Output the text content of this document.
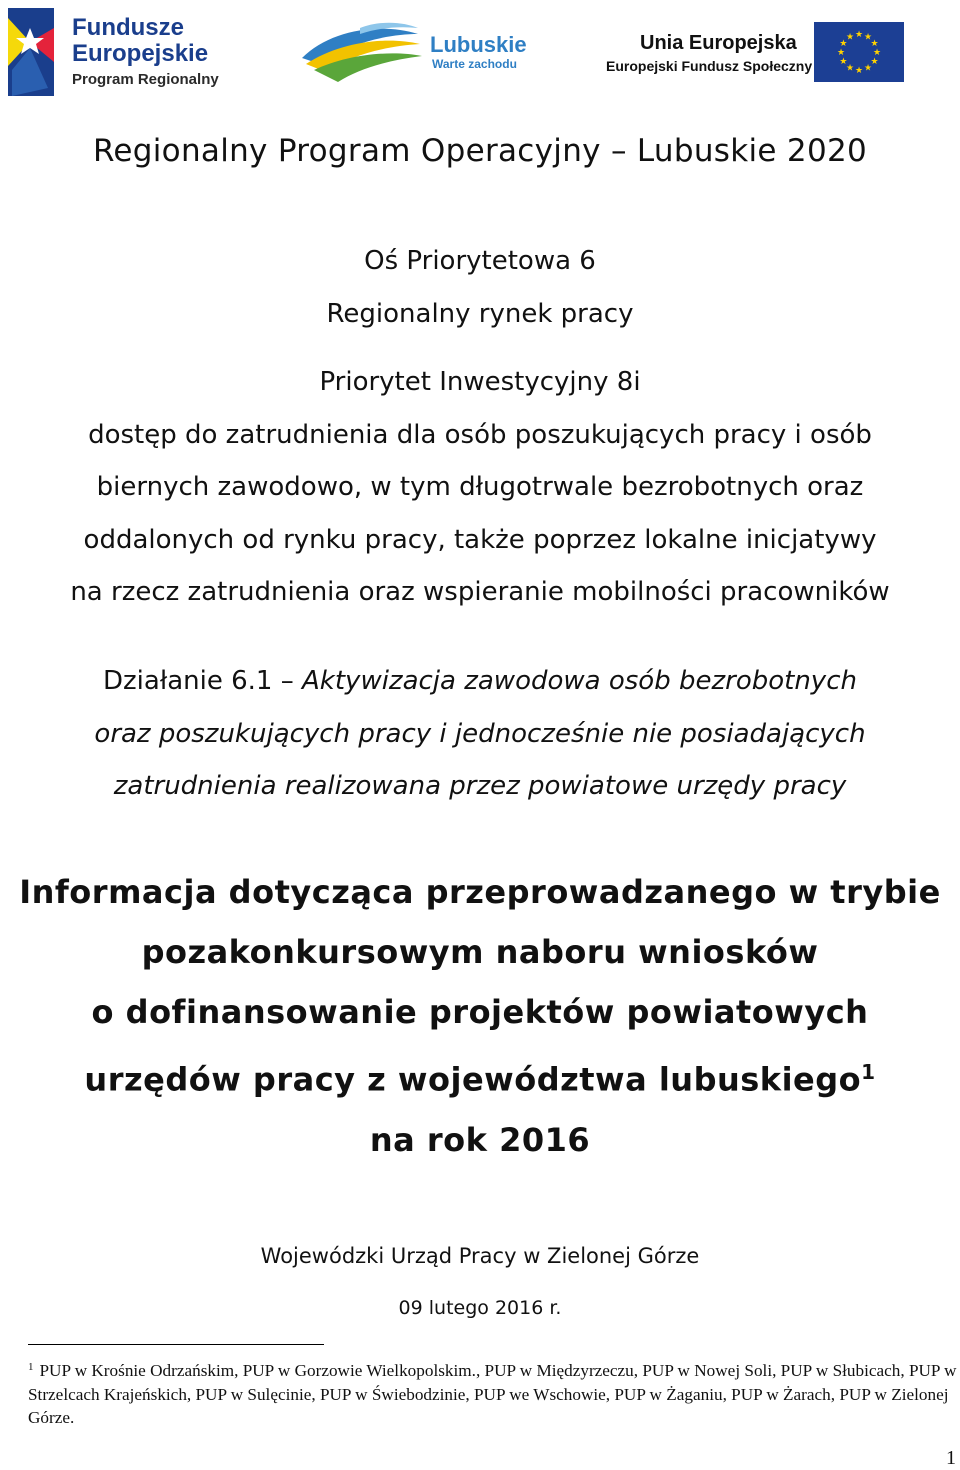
Fundusze
Europejskie
Program Regionalny
Lubuskie
Warte zachodu
Unia Europejska
Europejski Fundusz Społeczny
★ ★
★
★
★
★
★
★
★
★
★
★
Regionalny Program Operacyjny – Lubuskie 2020
Oś Priorytetowa 6
Regionalny rynek pracy
Priorytet Inwestycyjny 8i
dostęp do zatrudnienia dla osób poszukujących pracy i osób
biernych zawodowo, w tym długotrwale bezrobotnych oraz
oddalonych od rynku pracy, także poprzez lokalne inicjatywy
na rzecz zatrudnienia oraz wspieranie mobilności pracowników
Działanie 6.1 – Aktywizacja zawodowa osób bezrobotnych
oraz poszukujących pracy i jednocześnie nie posiadających
zatrudnienia realizowana przez powiatowe urzędy pracy
Informacja dotycząca przeprowadzanego w trybie
pozakonkursowym naboru wniosków
o dofinansowanie projektów powiatowych
urzędów pracy z województwa lubuskiego$^1$
na rok 2016
Wojewódzki Urząd Pracy w Zielonej Górze
09 lutego 2016 r.
$^1$ PUP w Krośnie Odrzańskim, PUP w Gorzowie Wielkopolskim., PUP w Międzyrzeczu, PUP w Nowej Soli, PUP w Słubicach, PUP w Strzelcach Krajeńskich, PUP w Sulęcinie, PUP w Świebodzinie, PUP we Wschowie, PUP w Żaganiu, PUP w Żarach, PUP w Zielonej Górze.
1
